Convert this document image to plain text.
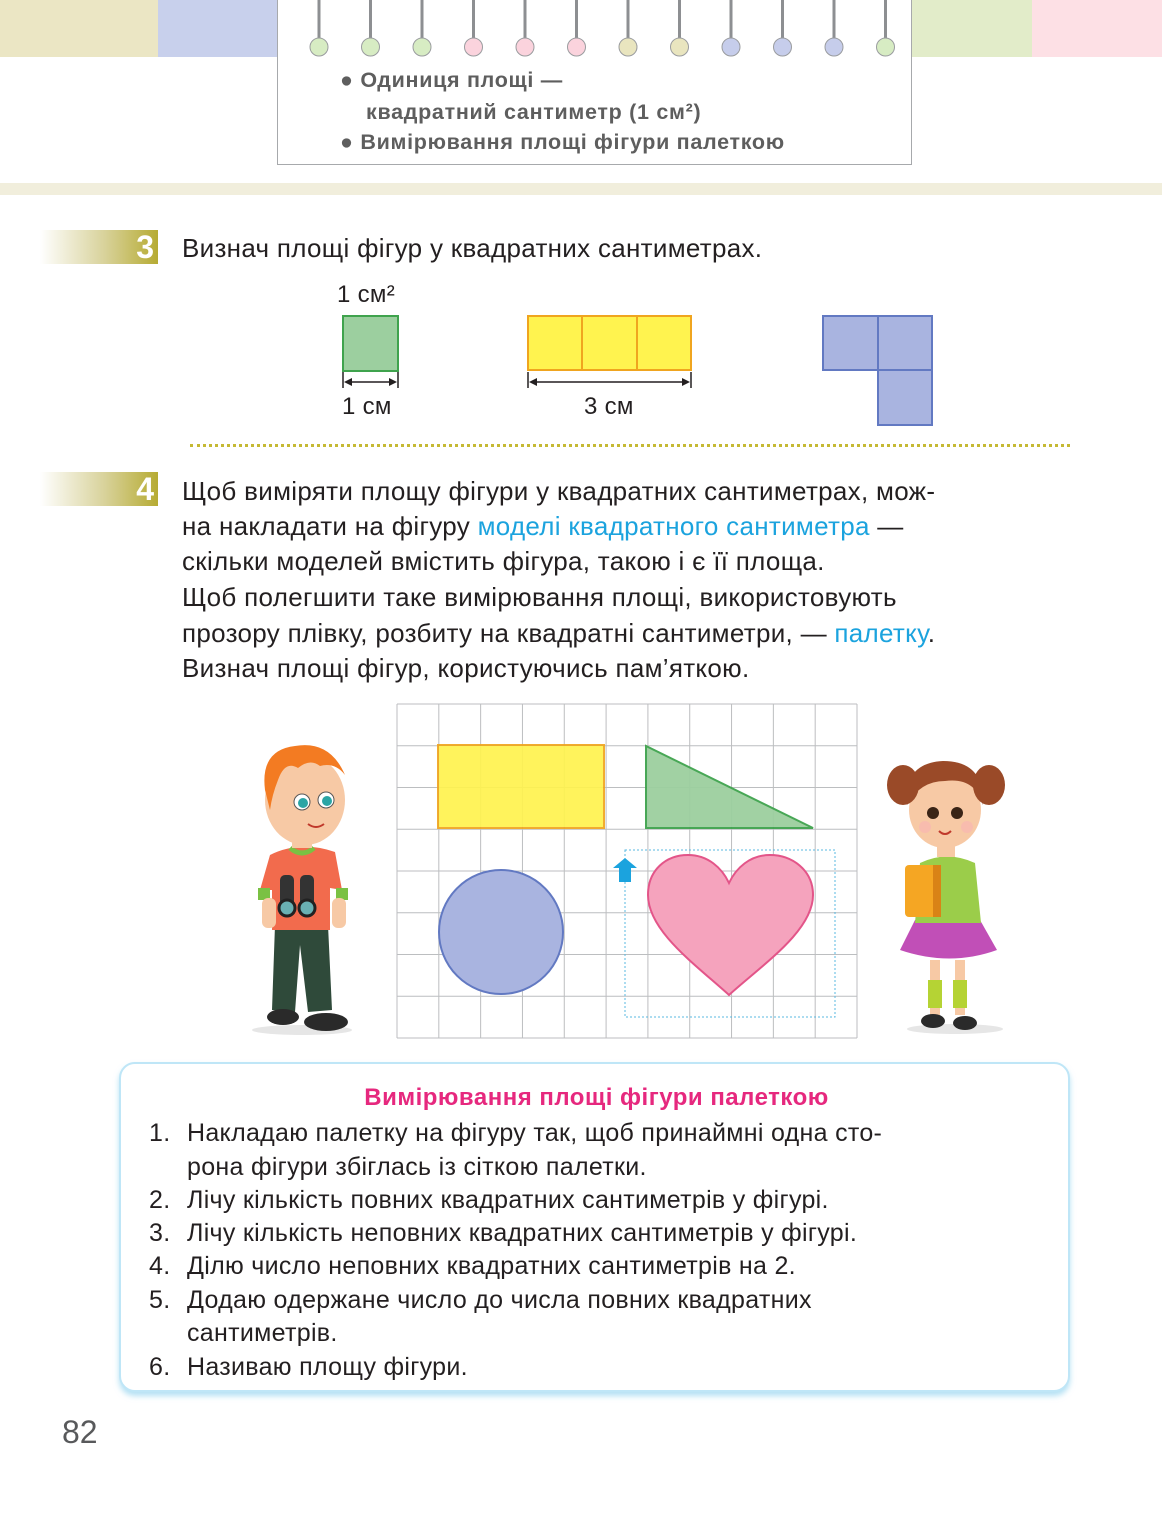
● Одиниця площі —
квадратний сантиметр (1 см²)
● Вимірювання площі фігури палеткою
3 Визнач площі фігур у квадратних сантиметрах.
1 см²
1 см	3 см
4 Щоб виміряти площу фігури у квадратних сантиметрах, мож-
на накладати на фігуру моделі квадратного сантиметра —
скільки моделей вмістить фігура, такою і є її площа.
Щоб полегшити таке вимірювання площі, використовують
прозору плівку, розбиту на квадратні сантиметри, — палетку.
Визнач площі фігур, користуючись пам’яткою.
Вимірювання площі фігури палеткою
1. Накладаю палетку на фігуру так, щоб принаймні одна сто-
рона фігури збіглась із сіткою палетки.
2. Лічу кількість повних квадратних сантиметрів у фігурі.
3. Лічу кількість неповних квадратних сантиметрів у фігурі.
4. Ділю число неповних квадратних сантиметрів на 2.
5. Додаю одержане число до числа повних квадратних
сантиметрів.
6. Називаю площу фігури.
82
